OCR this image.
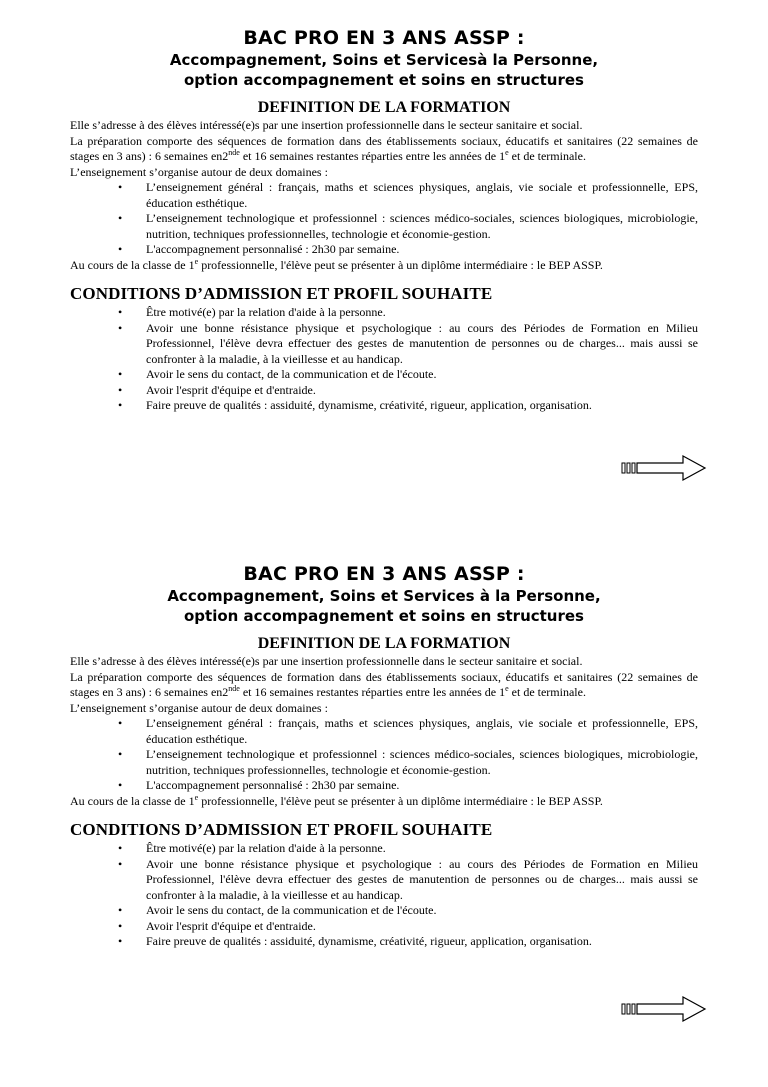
BAC PRO EN 3 ANS ASSP :
Accompagnement, Soins et Servicesà la Personne,
option accompagnement et soins en structures
DEFINITION DE LA FORMATION
Elle s’adresse à des élèves intéressé(e)s par une insertion professionnelle dans le secteur sanitaire et social.
La préparation comporte des séquences de formation dans des établissements sociaux, éducatifs et sanitaires (22 semaines de stages en 3 ans) : 6 semaines en2nde et 16 semaines restantes réparties entre les années de 1e et de terminale.
L’enseignement s’organise autour de deux domaines :
• L’enseignement général : français, maths et sciences physiques, anglais, vie sociale et professionnelle, EPS, éducation esthétique.
• L’enseignement technologique et professionnel : sciences médico-sociales, sciences biologiques, microbiologie, nutrition, techniques professionnelles, technologie et économie-gestion.
• L'accompagnement personnalisé : 2h30 par semaine.
Au cours de la classe de 1e professionnelle, l'élève peut se présenter à un diplôme intermédiaire : le BEP ASSP.
CONDITIONS D’ADMISSION ET PROFIL SOUHAITE
• Être motivé(e) par la relation d'aide à la personne.
• Avoir une bonne résistance physique et psychologique : au cours des Périodes de Formation en Milieu Professionnel, l'élève devra effectuer des gestes de manutention de personnes ou de charges... mais aussi se confronter à la maladie, à la vieillesse et au handicap.
• Avoir le sens du contact, de la communication et de l'écoute.
• Avoir l'esprit d'équipe et d'entraide.
• Faire preuve de qualités : assiduité, dynamisme, créativité, rigueur, application, organisation.
BAC PRO EN 3 ANS ASSP :
Accompagnement, Soins et Services à la Personne,
option accompagnement et soins en structures
DEFINITION DE LA FORMATION
Elle s’adresse à des élèves intéressé(e)s par une insertion professionnelle dans le secteur sanitaire et social.
La préparation comporte des séquences de formation dans des établissements sociaux, éducatifs et sanitaires (22 semaines de stages en 3 ans) : 6 semaines en2nde et 16 semaines restantes réparties entre les années de 1e et de terminale.
L’enseignement s’organise autour de deux domaines :
• L’enseignement général : français, maths et sciences physiques, anglais, vie sociale et professionnelle, EPS, éducation esthétique.
• L’enseignement technologique et professionnel : sciences médico-sociales, sciences biologiques, microbiologie, nutrition, techniques professionnelles, technologie et économie-gestion.
• L'accompagnement personnalisé : 2h30 par semaine.
Au cours de la classe de 1e professionnelle, l'élève peut se présenter à un diplôme intermédiaire : le BEP ASSP.
CONDITIONS D’ADMISSION ET PROFIL SOUHAITE
• Être motivé(e) par la relation d'aide à la personne.
• Avoir une bonne résistance physique et psychologique : au cours des Périodes de Formation en Milieu Professionnel, l'élève devra effectuer des gestes de manutention de personnes ou de charges... mais aussi se confronter à la maladie, à la vieillesse et au handicap.
• Avoir le sens du contact, de la communication et de l'écoute.
• Avoir l'esprit d'équipe et d'entraide.
• Faire preuve de qualités : assiduité, dynamisme, créativité, rigueur, application, organisation.
